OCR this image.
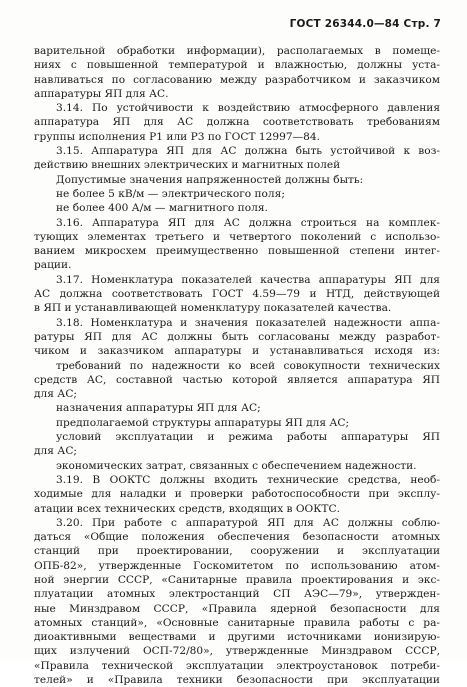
ГОСТ 26344.0—84 Стр. 7
варительной обработки информации), располагаемых в помеще-
ниях с повышенной температурой и влажностью, должны уста-
навливаться по согласованию между разработчиком и заказчиком
аппаратуры ЯП для АС.
3.14. По устойчивости к воздействию атмосферного давления
аппаратура ЯП для АС должна соответствовать требованиям
группы исполнения Р1 или Р3 по ГОСТ 12997—84.
3.15. Аппаратура ЯП для АС должна быть устойчивой к воз-
действию внешних электрических и магнитных полей
Допустимые значения напряженностей должны быть:
не более 5 кВ/м — электрического поля;
не более 400 А/м — магнитного поля.
3.16. Аппаратура ЯП для АС должна строиться на комплек-
тующих элементах третьего и четвертого поколений с использо-
ванием микросхем преимущественно повышенной степени интег-
рации.
3.17. Номенклатура показателей качества аппаратуры ЯП для
АС должна соответствовать ГОСТ 4.59—79 и НТД, действующей
в ЯП и устанавливающей номенклатуру показателей качества.
3.18. Номенклатура и значения показателей надежности аппа-
ратуры ЯП для АС должны быть согласованы между разработ-
чиком и заказчиком аппаратуры и устанавливаться исходя из:
требований по надежности ко всей совокупности технических
средств АС, составной частью которой является аппаратура ЯП
для АС;
назначения аппаратуры ЯП для АС;
предполагаемой структуры аппаратуры ЯП для АС;
условий эксплуатации и режима работы аппаратуры ЯП
для АС;
экономических затрат, связанных с обеспечением надежности.
3.19. В ООКТС должны входить технические средства, необ-
ходимые для наладки и проверки работоспособности при эксплу-
атации всех технических средств, входящих в ООКТС.
3.20. При работе с аппаратурой ЯП для АС должны соблю-
даться «Общие положения обеспечения безопасности атомных
станций при проектировании, сооружении и эксплуатации
ОПБ-82», утвержденные Госкомитетом по использованию атом-
ной энергии СССР, «Санитарные правила проектирования и экс-
плуатации атомных электростанций СП АЭС—79», утвержден-
ные Минздравом СССР, «Правила ядерной безопасности для
атомных станций», «Основные санитарные правила работы с ра-
диоактивными веществами и другими источниками ионизирую-
щих излучений ОСП-72/80», утвержденные Минздравом СССР,
«Правила технической эксплуатации электроустановок потреби-
телей» и «Правила техники безопасности при эксплуатации
